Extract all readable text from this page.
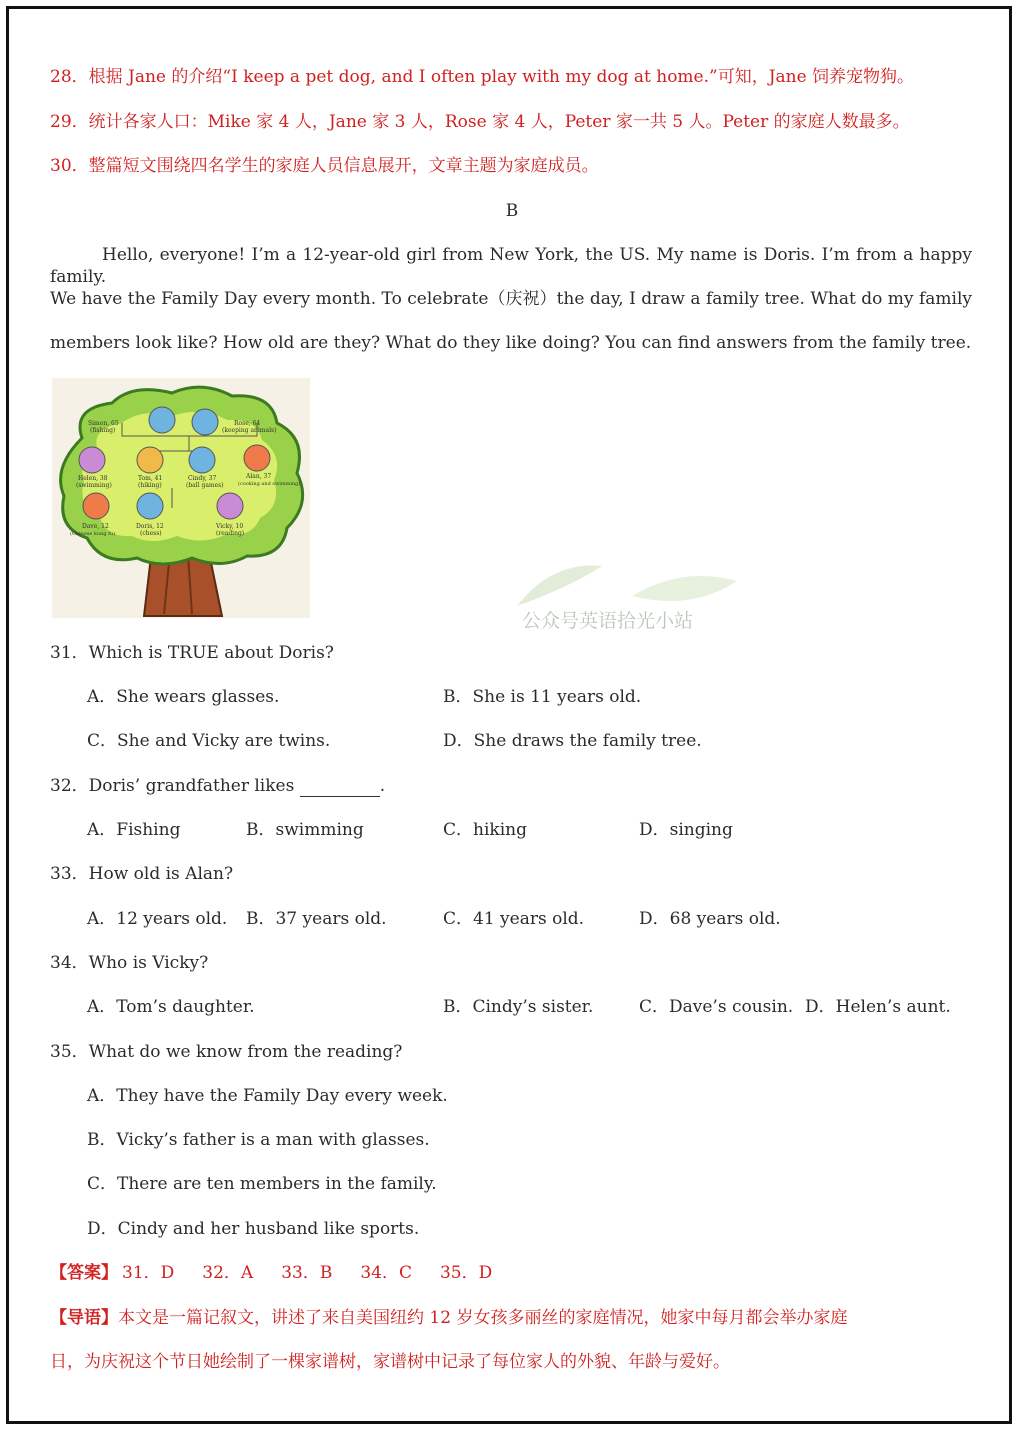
28．根据 Jane 的介绍“I keep a pet dog, and I often play with my dog at home.”可知，Jane 饲养宠物狗。
29．统计各家人口：Mike 家 4 人，Jane 家 3 人，Rose 家 4 人，Peter 家一共 5 人。Peter 的家庭人数最多。
30．整篇短文围绕四名学生的家庭人员信息展开，文章主题为家庭成员。
B
Hello, everyone! I’m a 12-year-old girl from New York, the US. My name is Doris. I’m from a happy family.
We have the Family Day every month. To celebrate（庆祝）the day, I draw a family tree. What do my family
members look like? How old are they? What do they like doing? You can find answers from the family tree.
Simon, 65
(fishing)
Rose, 64
(keeping animals)
Helen, 38
(swimming)
Tom, 41
(hiking)
Cindy, 37
(ball games)
Alan, 37
(cooking and swimming)
Dave, 12
(Chinese kung fu)
Doris, 12
(chess)
Vicky, 10
(reading)
公众号英语拾光小站
31．Which is TRUE about Doris?
A．She wears glasses.	B．She is 11 years old.
C．She and Vicky are twins.	D．She draws the family tree.
32．Doris’ grandfather likes	.
A．Fishing	B．swimming	C．hiking	D．singing
33．How old is Alan?
A．12 years old. B．37 years old.	C．41 years old.	D．68 years old.
34．Who is Vicky?
A．Tom’s daughter.	B．Cindy’s sister.	C．Dave’s cousin. D．Helen’s aunt.
35．What do we know from the reading?
A．They have the Family Day every week.
B．Vicky’s father is a man with glasses.
C．There are ten members in the family.
D．Cindy and her husband like sports.
【答案】 31．D 32．A 33．B 34．C 35．D
【导语】本文是一篇记叙文，讲述了来自美国纽约 12 岁女孩多丽丝的家庭情况，她家中每月都会举办家庭
日，为庆祝这个节日她绘制了一棵家谱树，家谱树中记录了每位家人的外貌、年龄与爱好。
